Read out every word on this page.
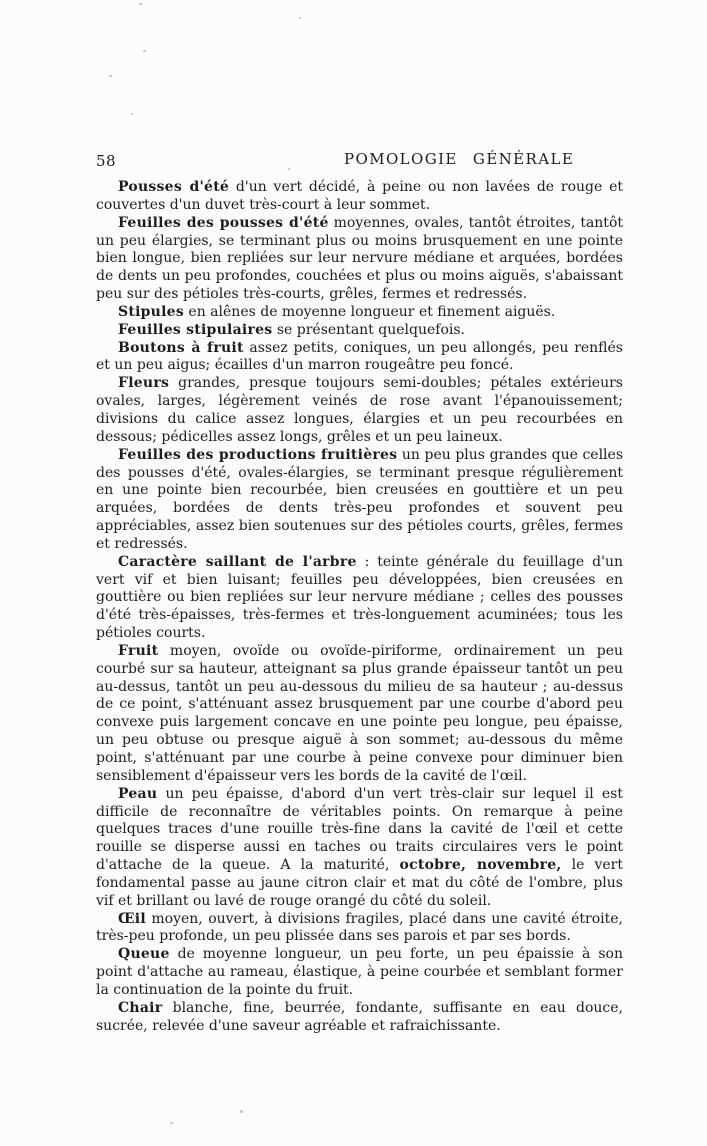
58	POMOLOGIE GÉNÉRALE

Pousses d'été d'un vert décidé, à peine ou non lavées de rouge et couvertes d'un duvet très-court à leur sommet.

Feuilles des pousses d'été moyennes, ovales, tantôt étroites, tantôt un peu élargies, se terminant plus ou moins brusquement en une pointe bien longue, bien repliées sur leur nervure médiane et arquées, bordées de dents un peu profondes, couchées et plus ou moins aiguës, s'abaissant peu sur des pétioles très-courts, grêles, fermes et redressés.

Stipules en alênes de moyenne longueur et finement aiguës.

Feuilles stipulaires se présentant quelquefois.

Boutons à fruit assez petits, coniques, un peu allongés, peu renflés et un peu aigus; écailles d'un marron rougeâtre peu foncé.

Fleurs grandes, presque toujours semi-doubles; pétales extérieurs ovales, larges, légèrement veinés de rose avant l'épanouissement; divisions du calice assez longues, élargies et un peu recourbées en dessous; pédicelles assez longs, grêles et un peu laineux.

Feuilles des productions fruitières un peu plus grandes que celles des pousses d'été, ovales-élargies, se terminant presque régulièrement en une pointe bien recourbée, bien creusées en gouttière et un peu arquées, bordées de dents très-peu profondes et souvent peu appréciables, assez bien soutenues sur des pétioles courts, grêles, fermes et redressés.

Caractère saillant de l'arbre : teinte générale du feuillage d'un vert vif et bien luisant; feuilles peu développées, bien creusées en gouttière ou bien repliées sur leur nervure médiane ; celles des pousses d'été très-épaisses, très-fermes et très-longuement acuminées; tous les pétioles courts.

Fruit moyen, ovoïde ou ovoïde-piriforme, ordinairement un peu courbé sur sa hauteur, atteignant sa plus grande épaisseur tantôt un peu au-dessus, tantôt un peu au-dessous du milieu de sa hauteur ; au-dessus de ce point, s'atténuant assez brusquement par une courbe d'abord peu convexe puis largement concave en une pointe peu longue, peu épaisse, un peu obtuse ou presque aiguë à son sommet; au-dessous du même point, s'atténuant par une courbe à peine convexe pour diminuer bien sensiblement d'épaisseur vers les bords de la cavité de l'œil.

Peau un peu épaisse, d'abord d'un vert très-clair sur lequel il est difficile de reconnaître de véritables points. On remarque à peine quelques traces d'une rouille très-fine dans la cavité de l'œil et cette rouille se disperse aussi en taches ou traits circulaires vers le point d'attache de la queue. A la maturité, octobre, novembre, le vert fondamental passe au jaune citron clair et mat du côté de l'ombre, plus vif et brillant ou lavé de rouge orangé du côté du soleil.

Œil moyen, ouvert, à divisions fragiles, placé dans une cavité étroite, très-peu profonde, un peu plissée dans ses parois et par ses bords.

Queue de moyenne longueur, un peu forte, un peu épaissie à son point d'attache au rameau, élastique, à peine courbée et semblant former la continuation de la pointe du fruit.

Chair blanche, fine, beurrée, fondante, suffisante en eau douce, sucrée, relevée d'une saveur agréable et rafraichissante.
